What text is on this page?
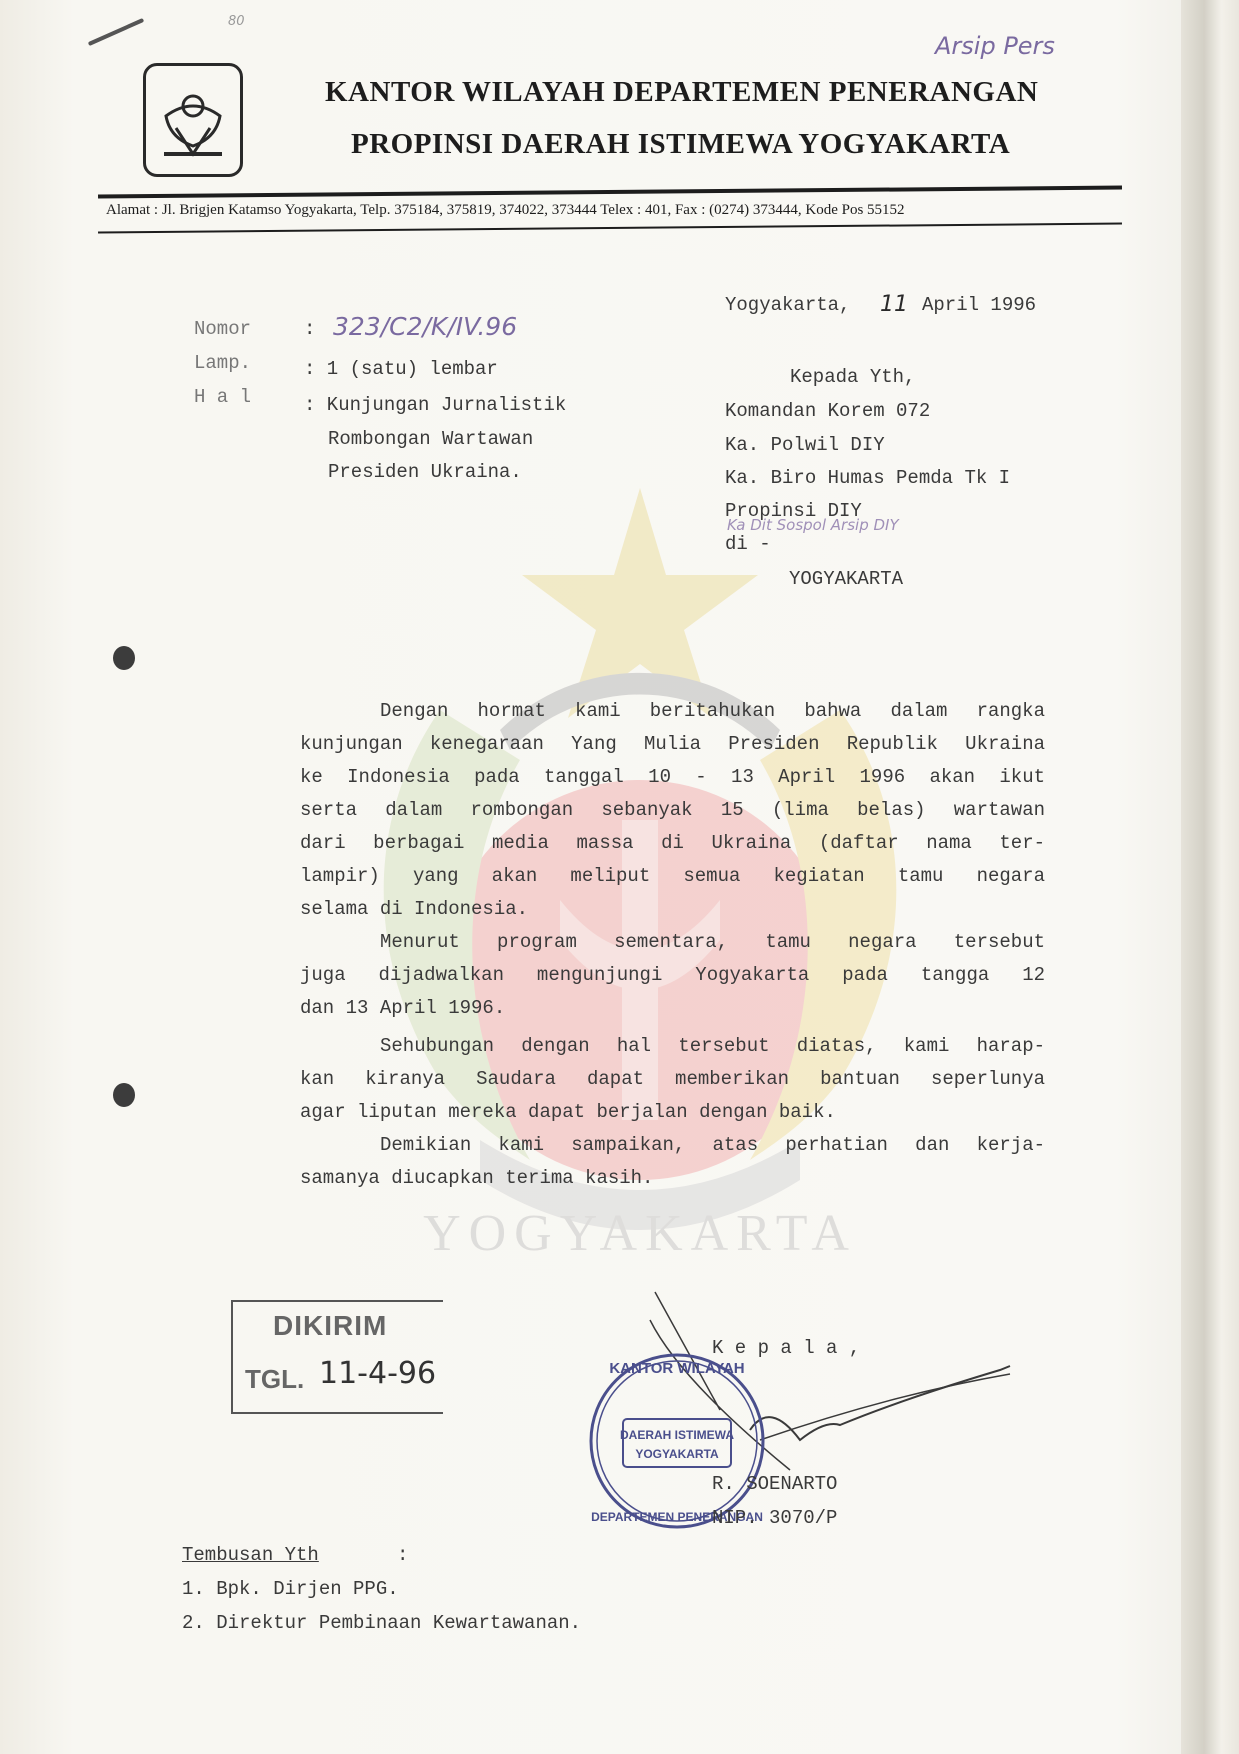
80
Arsip Pers
YOGYAKARTA
KANTOR WILAYAH DEPARTEMEN PENERANGAN
PROPINSI DAERAH ISTIMEWA YOGYAKARTA
Alamat : Jl. Brigjen Katamso Yogyakarta, Telp. 375184, 375819, 374022, 373444 Telex : 401, Fax : (0274) 373444, Kode Pos 55152
Yogyakarta, 11 April 1996
Nomor	: 323/C2/K/IV.96
Lamp.	: 1 (satu) lembar
H a l	: Kunjungan Jurnalistik
Rombongan Wartawan
Presiden Ukraina.
Kepada Yth,
Komandan Korem 072
Ka. Polwil DIY
Ka. Biro Humas Pemda Tk I
Propinsi DIY
Ka Dit Sospol Arsip DIY
di -
YOGYAKARTA
Dengan hormat kami beritahukan bahwa dalam rangka
kunjungan kenegaraan Yang Mulia Presiden Republik Ukraina
ke Indonesia pada tanggal 10 - 13 April 1996 akan ikut
serta dalam rombongan sebanyak 15 (lima belas) wartawan
dari berbagai media massa di Ukraina (daftar nama ter-
lampir) yang akan meliput semua kegiatan tamu negara
selama di Indonesia.
Menurut program sementara, tamu negara tersebut
juga dijadwalkan mengunjungi Yogyakarta pada tangga 12
dan 13 April 1996.
Sehubungan dengan hal tersebut diatas, kami harap-
kan kiranya Saudara dapat memberikan bantuan seperlunya
agar liputan mereka dapat berjalan dengan baik.
Demikian kami sampaikan, atas perhatian dan kerja-
samanya diucapkan terima kasih.
DIKIRIM
TGL. 11-4-96
K e p a l a ,
KANTOR WILAYAH
DEPARTEMEN PENERANGAN
DAERAH ISTIMEWA
YOGYAKARTA
R. SOENARTO
NIP. 3070/P
Tembusan Yth	:
1. Bpk. Dirjen PPG.
2. Direktur Pembinaan Kewartawanan.
